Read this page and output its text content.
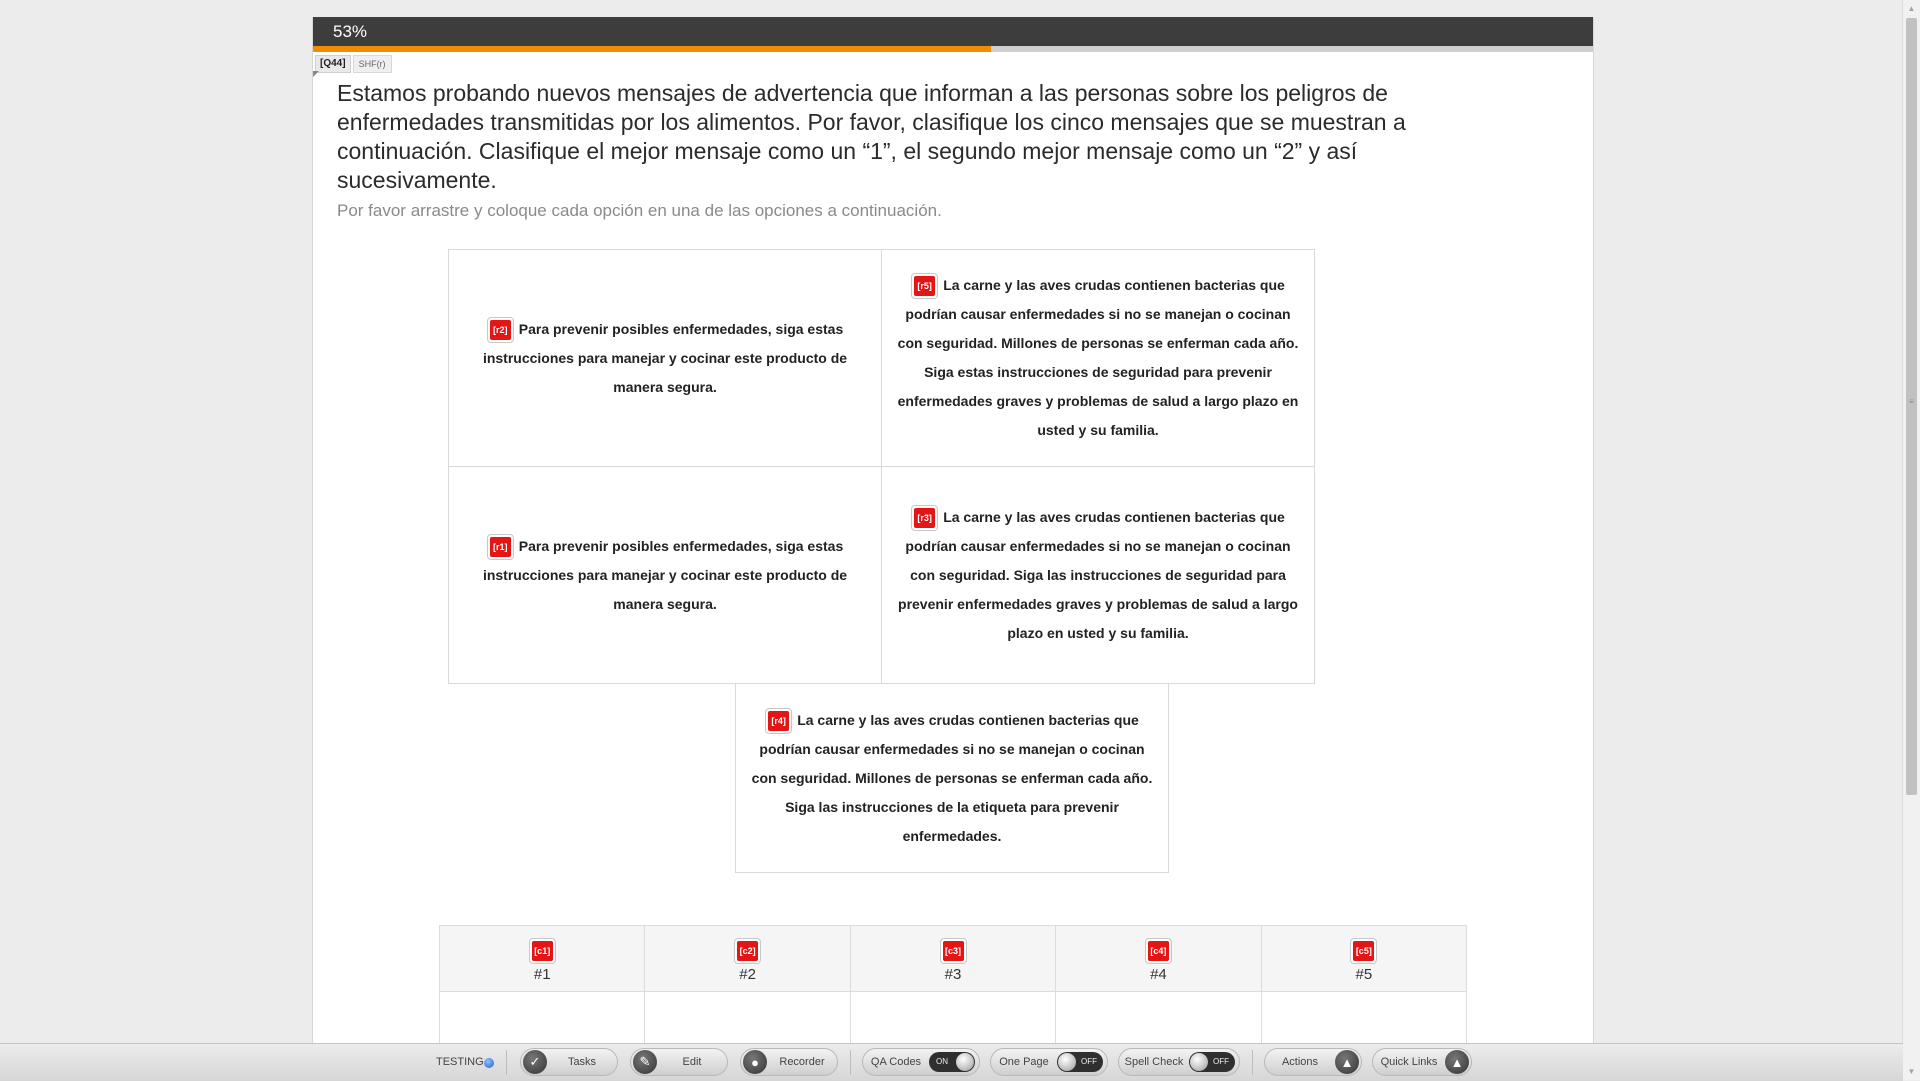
53%
[Q44]	SHF(r)
Estamos probando nuevos mensajes de advertencia que informan a las personas sobre los peligros de enfermedades transmitidas por los alimentos. Por favor, clasifique los cinco mensajes que se muestran a continuación. Clasifique el mejor mensaje como un “1”, el segundo mejor mensaje como un “2” y así sucesivamente.
Por favor arrastre y coloque cada opción en una de las opciones a continuación.
[r2] Para prevenir posibles enfermedades, siga estas instrucciones para manejar y cocinar este producto de manera segura.
[r5] La carne y las aves crudas contienen bacterias que podrían causar enfermedades si no se manejan o cocinan con seguridad. Millones de personas se enferman cada año. Siga estas instrucciones de seguridad para prevenir enfermedades graves y problemas de salud a largo plazo en usted y su familia.
[r1] Para prevenir posibles enfermedades, siga estas instrucciones para manejar y cocinar este producto de manera segura.
[r3] La carne y las aves crudas contienen bacterias que podrían causar enfermedades si no se manejan o cocinan con seguridad. Siga las instrucciones de seguridad para prevenir enfermedades graves y problemas de salud a largo plazo en usted y su familia.
[r4] La carne y las aves crudas contienen bacterias que podrían causar enfermedades si no se manejan o cocinan con seguridad. Millones de personas se enferman cada año. Siga las instrucciones de la etiqueta para prevenir enfermedades.
[c1]
#1
[c2]
#2
[c3]
#3
[c4]
#4
[c5]
#5
▲
≡
▼
TESTING	✓	Tasks	✎	Edit	●	Recorder	QA Codes	ON	One Page	OFF	Spell Check	OFF	Actions	▲	Quick Links	▲
